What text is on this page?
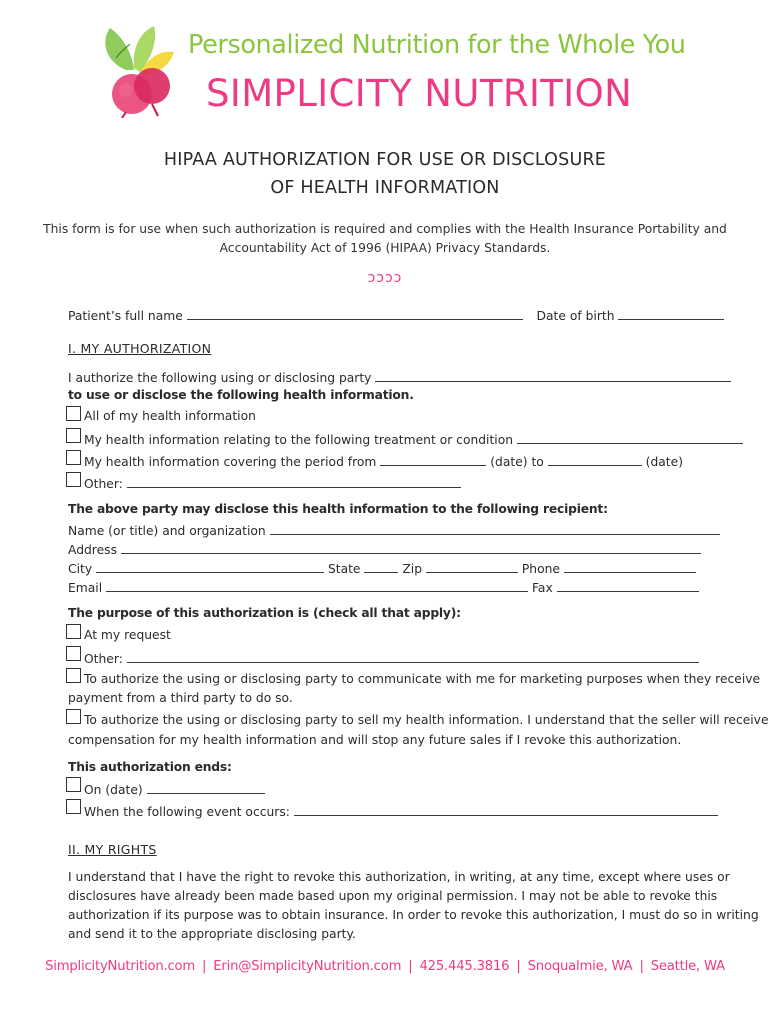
Personalized Nutrition for the Whole You
SIMPLICITY NUTRITION
HIPAA AUTHORIZATION FOR USE OR DISCLOSURE
OF HEALTH INFORMATION
This form is for use when such authorization is required and complies with the Health Insurance Portability and
Accountability Act of 1996 (HIPAA) Privacy Standards.
ↄↄↄↄ
Patient’s full name	Date of birth
I. MY AUTHORIZATION
I authorize the following using or disclosing party
to use or disclose the following health information.
All of my health information
My health information relating to the following treatment or condition
My health information covering the period from	(date) to	(date)
Other:
The above party may disclose this health information to the following recipient:
Name (or title) and organization
Address
City	State	Zip	Phone
Email	Fax
The purpose of this authorization is (check all that apply):
At my request
Other:
To authorize the using or disclosing party to communicate with me for marketing purposes when they receive
payment from a third party to do so.
To authorize the using or disclosing party to sell my health information. I understand that the seller will receive
compensation for my health information and will stop any future sales if I revoke this authorization.
This authorization ends:
On (date)
When the following event occurs:
II. MY RIGHTS
I understand that I have the right to revoke this authorization, in writing, at any time, except where uses or
disclosures have already been made based upon my original permission. I may not be able to revoke this
authorization if its purpose was to obtain insurance. In order to revoke this authorization, I must do so in writing
and send it to the appropriate disclosing party.
SimplicityNutrition.com | Erin@SimplicityNutrition.com | 425.445.3816 | Snoqualmie, WA | Seattle, WA
